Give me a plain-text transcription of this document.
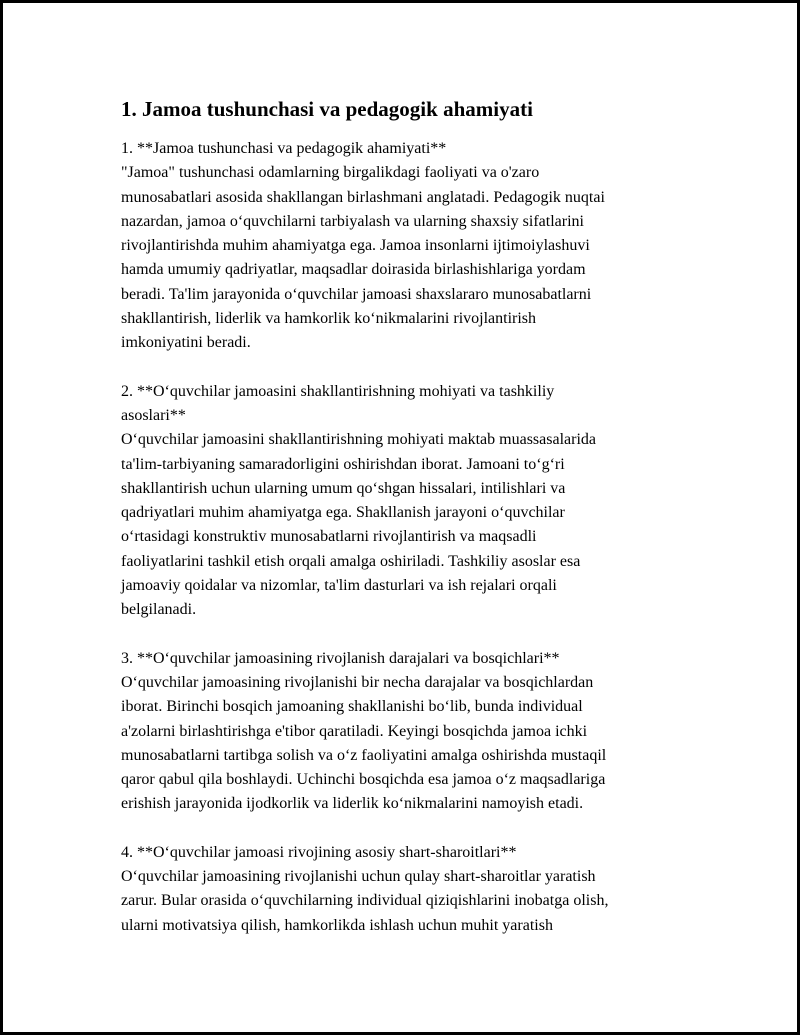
1. Jamoa tushunchasi va pedagogik ahamiyati
1. **Jamoa tushunchasi va pedagogik ahamiyati**
"Jamoa" tushunchasi odamlarning birgalikdagi faoliyati va o'zaro
munosabatlari asosida shakllangan birlashmani anglatadi. Pedagogik nuqtai
nazardan, jamoa o‘quvchilarni tarbiyalash va ularning shaxsiy sifatlarini
rivojlantirishda muhim ahamiyatga ega. Jamoa insonlarni ijtimoiylashuvi
hamda umumiy qadriyatlar, maqsadlar doirasida birlashishlariga yordam
beradi. Ta'lim jarayonida o‘quvchilar jamoasi shaxslararo munosabatlarni
shakllantirish, liderlik va hamkorlik ko‘nikmalarini rivojlantirish
imkoniyatini beradi.
2. **O‘quvchilar jamoasini shakllantirishning mohiyati va tashkiliy
asoslari**
O‘quvchilar jamoasini shakllantirishning mohiyati maktab muassasalarida
ta'lim-tarbiyaning samaradorligini oshirishdan iborat. Jamoani to‘g‘ri
shakllantirish uchun ularning umum qo‘shgan hissalari, intilishlari va
qadriyatlari muhim ahamiyatga ega. Shakllanish jarayoni o‘quvchilar
o‘rtasidagi konstruktiv munosabatlarni rivojlantirish va maqsadli
faoliyatlarini tashkil etish orqali amalga oshiriladi. Tashkiliy asoslar esa
jamoaviy qoidalar va nizomlar, ta'lim dasturlari va ish rejalari orqali
belgilanadi.
3. **O‘quvchilar jamoasining rivojlanish darajalari va bosqichlari**
O‘quvchilar jamoasining rivojlanishi bir necha darajalar va bosqichlardan
iborat. Birinchi bosqich jamoaning shakllanishi bo‘lib, bunda individual
a'zolarni birlashtirishga e'tibor qaratiladi. Keyingi bosqichda jamoa ichki
munosabatlarni tartibga solish va o‘z faoliyatini amalga oshirishda mustaqil
qaror qabul qila boshlaydi. Uchinchi bosqichda esa jamoa o‘z maqsadlariga
erishish jarayonida ijodkorlik va liderlik ko‘nikmalarini namoyish etadi.
4. **O‘quvchilar jamoasi rivojining asosiy shart-sharoitlari**
O‘quvchilar jamoasining rivojlanishi uchun qulay shart-sharoitlar yaratish
zarur. Bular orasida o‘quvchilarning individual qiziqishlarini inobatga olish,
ularni motivatsiya qilish, hamkorlikda ishlash uchun muhit yaratish
